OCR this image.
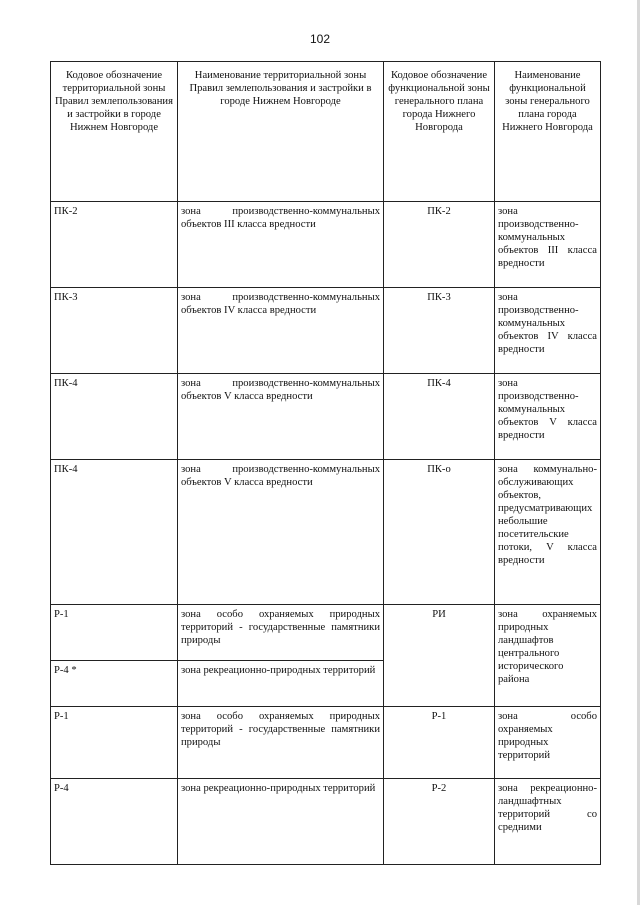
102
Кодовое обозначение территориальной зоны Правил землепользования и застройки в городе Нижнем Новгороде	Наименование территориальной зоны Правил землепользования и застройки в городе Нижнем Новгороде	Кодовое обозначение функциональной зоны генерального плана города Нижнего Новгорода	Наименование функциональной зоны генерального плана города Нижнего Новгорода
ПК-2	зона производственно-коммунальных объектов III класса вредности	ПК-2	зона производственно-коммунальных объектов III класса вредности
ПК-3	зона производственно-коммунальных объектов IV класса вредности	ПК-3	зона производственно-коммунальных объектов IV класса вредности
ПК-4	зона производственно-коммунальных объектов V класса вредности	ПК-4	зона производственно-коммунальных объектов V класса вредности
ПК-4	зона производственно-коммунальных объектов V класса вредности	ПК-о	зона коммунально-обслуживающих объектов, предусматривающих небольшие посетительские потоки, V класса вредности
Р-1	зона особо охраняемых природных территорий - государственные памятники природы	РИ	зона охраняемых природных ландшафтов центрального исторического района
Р-4 *	зона рекреационно-природных территорий		
Р-1	зона особо охраняемых природных территорий - государственные памятники природы	Р-1	зона особо охраняемых природных территорий
Р-4	зона рекреационно-природных территорий	Р-2	зона рекреационно-ландшафтных территорий со средними
